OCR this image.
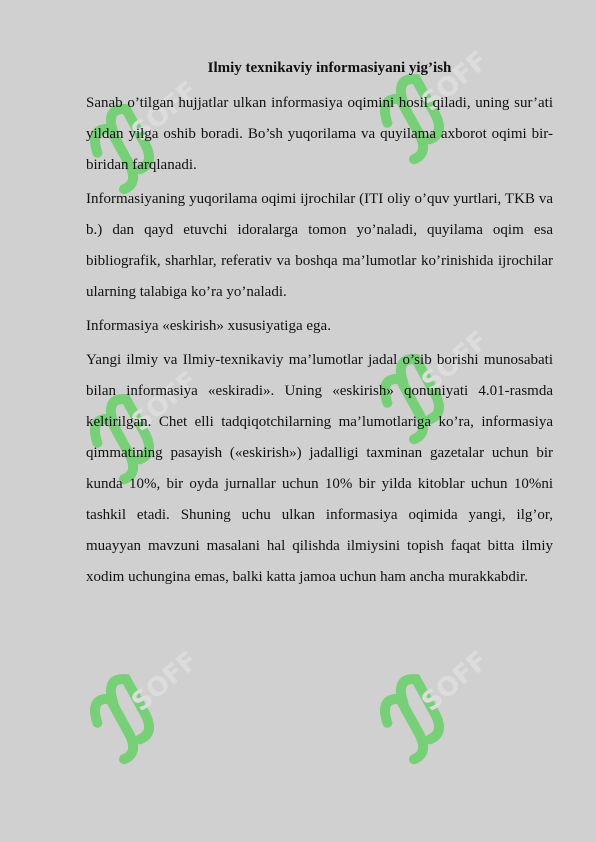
SOFF	SOFF
SOFF
SOFF
SOFF	SOFF
Ilmiy texnikaviy informasiyani yig’ish

Sanab o’tilgan hujjatlar ulkan informasiya oqimini hosil qiladi, uning sur’ati yildan yilga oshib boradi. Bo’sh yuqorilama va quyilama axborot oqimi bir-biridan farqlanadi.

Informasiyaning yuqorilama oqimi ijrochilar (ITI oliy o’quv yurtlari, TKB va b.) dan qayd etuvchi idoralarga tomon yo’naladi, quyilama oqim esa bibliografik, sharhlar, referativ va boshqa ma’lumotlar ko’rinishida ijrochilar ularning talabiga ko’ra yo’naladi.

Informasiya «eskirish» xususiyatiga ega.

Yangi ilmiy va Ilmiy-texnikaviy ma’lumotlar jadal o’sib borishi munosabati bilan informasiya «eskiradi». Uning «eskirish» qonuniyati 4.01-rasmda keltirilgan. Chet elli tadqiqotchilarning ma’lumotlariga ko’ra, informasiya qimmatining pasayish («eskirish») jadalligi taxminan gazetalar uchun bir kunda 10%, bir oyda jurnallar uchun 10% bir yilda kitoblar uchun 10%ni tashkil etadi. Shuning uchu ulkan informasiya oqimida yangi, ilg’or, muayyan mavzuni masalani hal qilishda ilmiysini topish faqat bitta ilmiy xodim uchungina emas, balki katta jamoa uchun ham ancha murakkabdir.
